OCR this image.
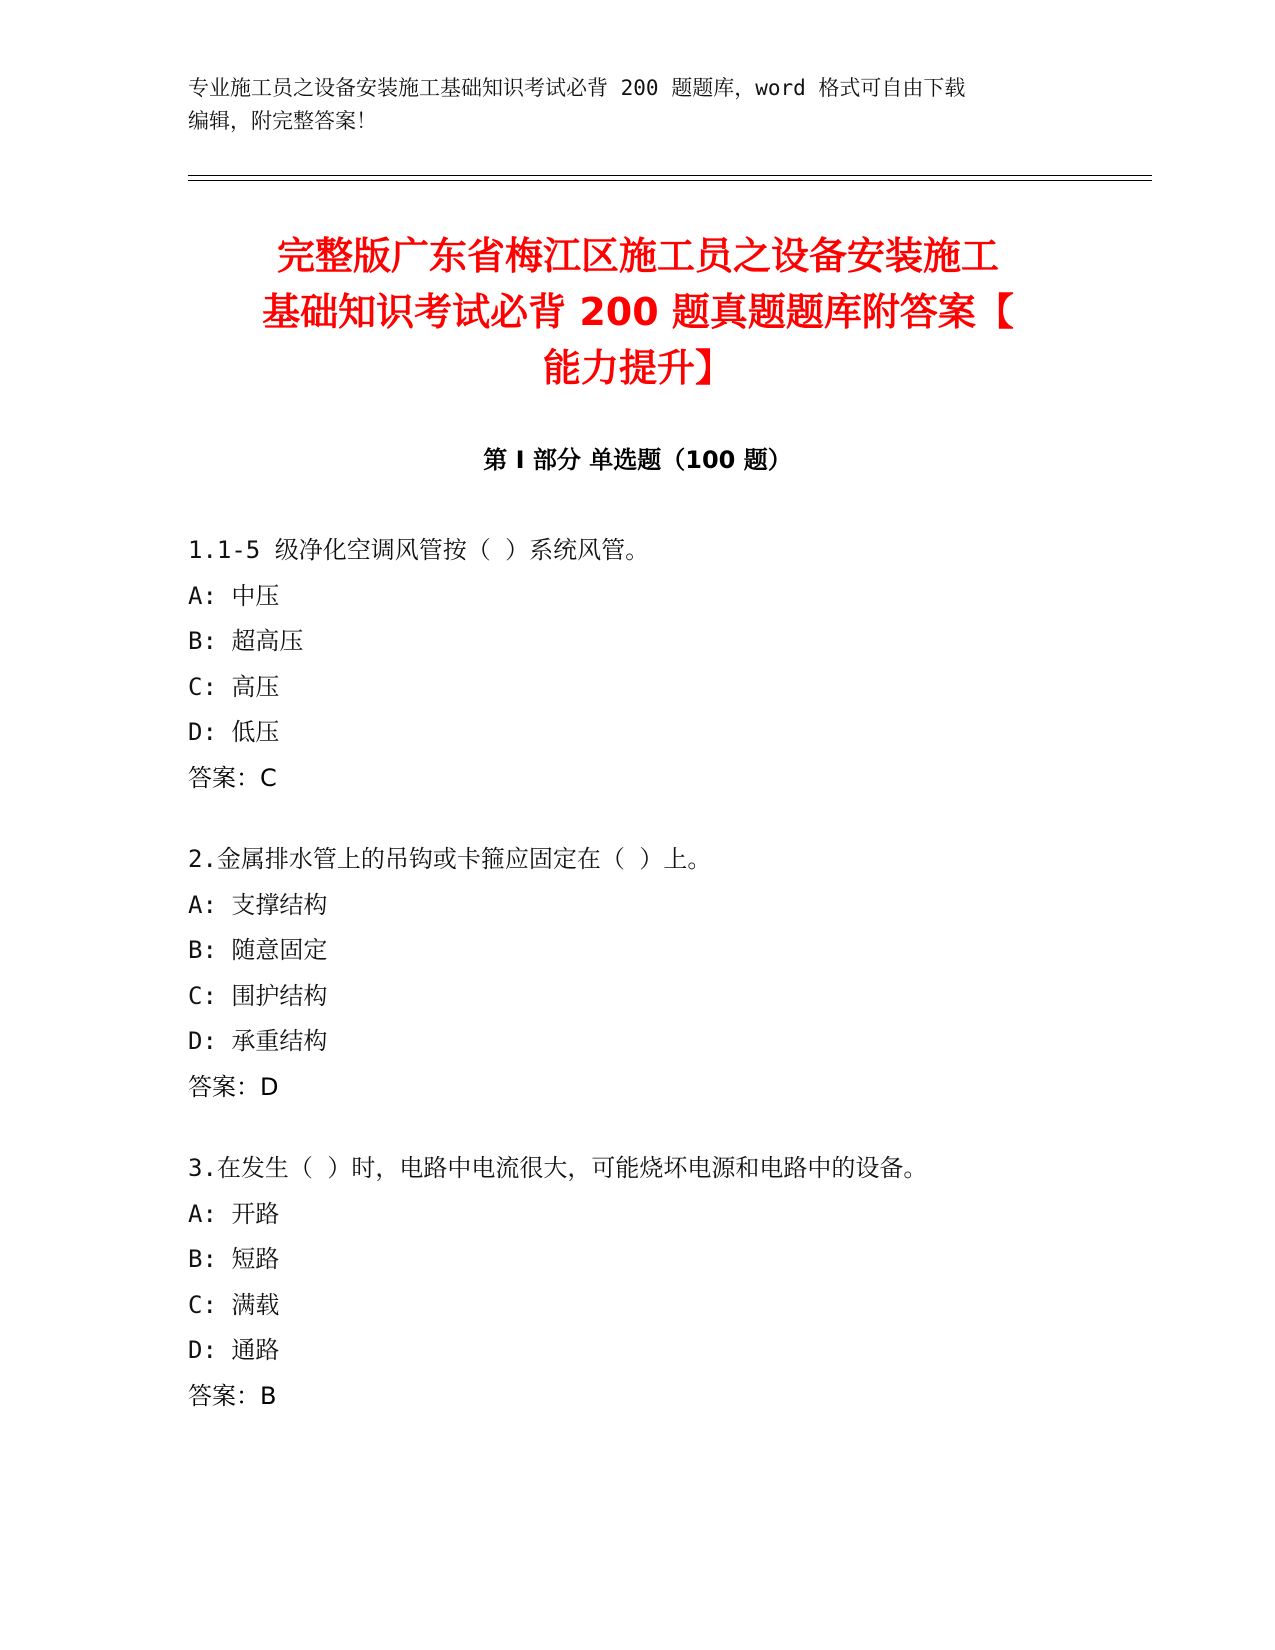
专业施工员之设备安装施工基础知识考试必背 200 题题库，word 格式可自由下载
编辑，附完整答案！
完整版广东省梅江区施工员之设备安装施工
基础知识考试必背 200 题真题题库附答案【
能力提升】
第 I 部分 单选题（100 题）
1.1-5 级净化空调风管按（ ）系统风管。
A: 中压
B: 超高压
C: 高压
D: 低压
答案：C
2.金属排水管上的吊钩或卡箍应固定在（ ）上。
A: 支撑结构
B: 随意固定
C: 围护结构
D: 承重结构
答案：D
3.在发生（ ）时，电路中电流很大，可能烧坏电源和电路中的设备。
A: 开路
B: 短路
C: 满载
D: 通路
答案：B
